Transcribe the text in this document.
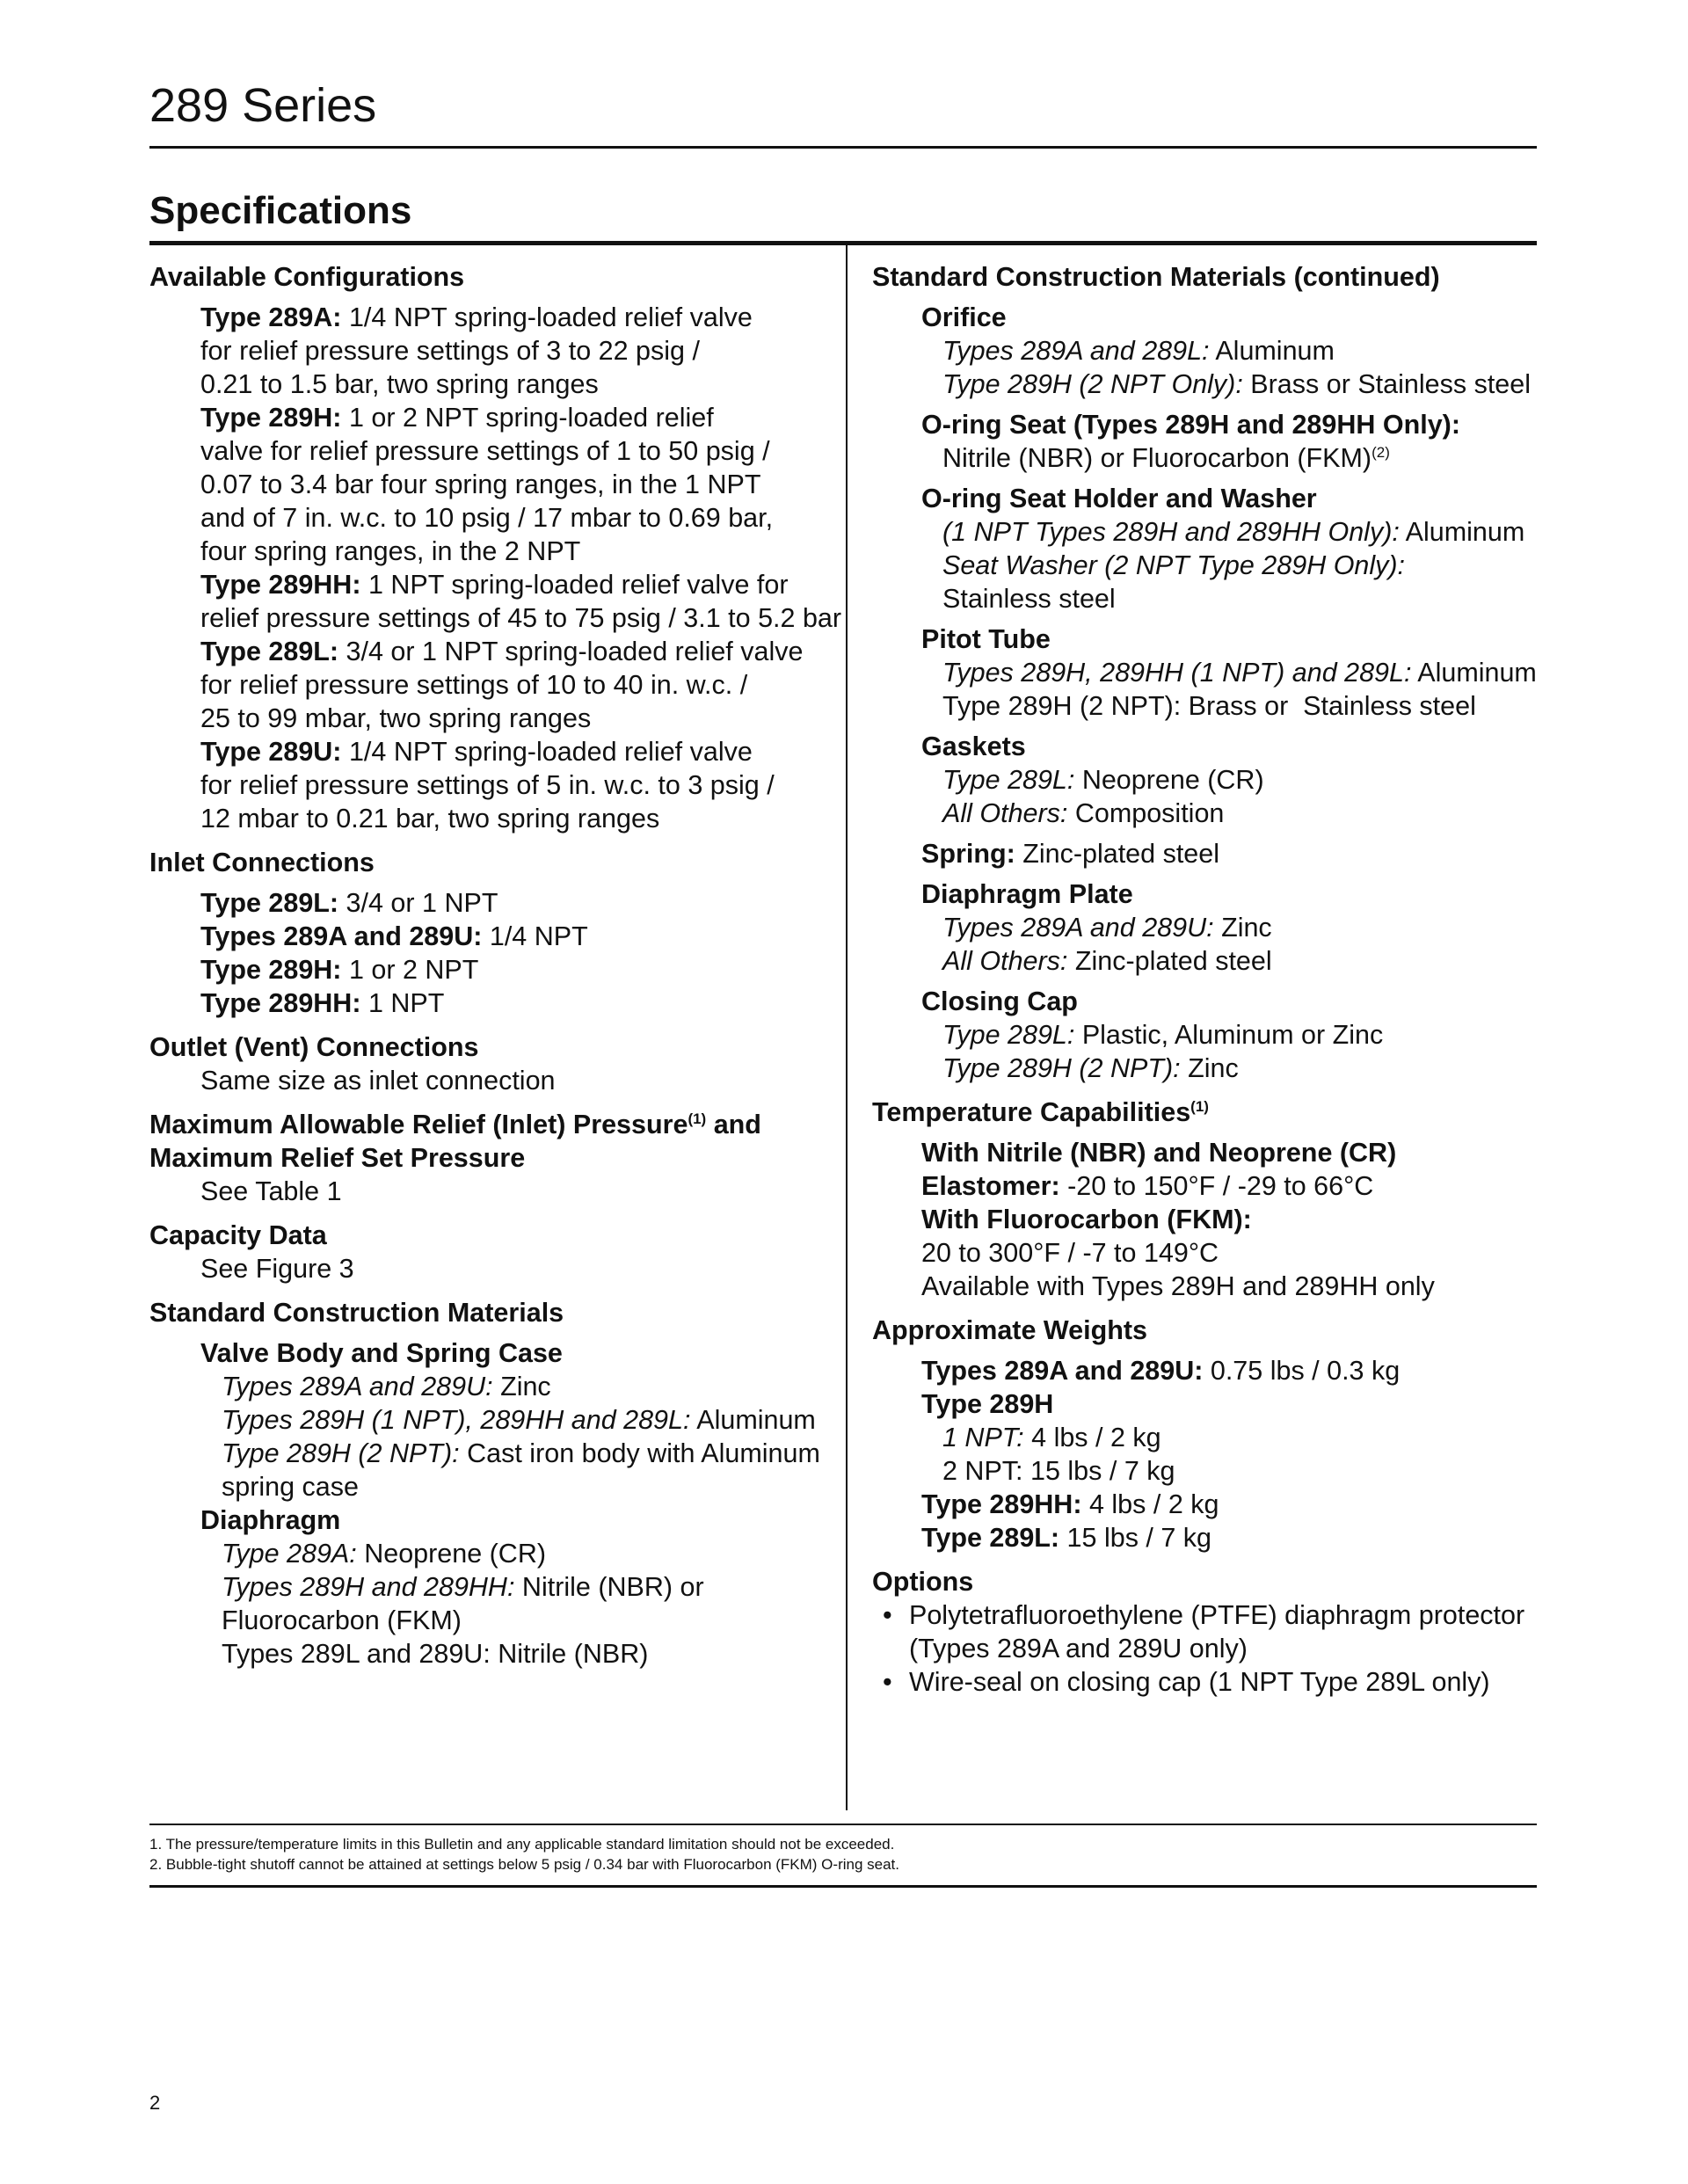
289 Series
Specifications
Available Configurations
Type 289A: 1/4 NPT spring-loaded relief valve
for relief pressure settings of 3 to 22 psig /
0.21 to 1.5 bar, two spring ranges
Type 289H: 1 or 2 NPT spring-loaded relief
valve for relief pressure settings of 1 to 50 psig /
0.07 to 3.4 bar four spring ranges, in the 1 NPT
and of 7 in. w.c. to 10 psig / 17 mbar to 0.69 bar,
four spring ranges, in the 2 NPT
Type 289HH: 1 NPT spring-loaded relief valve for
relief pressure settings of 45 to 75 psig / 3.1 to 5.2 bar
Type 289L: 3/4 or 1 NPT spring-loaded relief valve
for relief pressure settings of 10 to 40 in. w.c. /
25 to 99 mbar, two spring ranges
Type 289U: 1/4 NPT spring-loaded relief valve
for relief pressure settings of 5 in. w.c. to 3 psig /
12 mbar to 0.21 bar, two spring ranges
Inlet Connections
Type 289L: 3/4 or 1 NPT
Types 289A and 289U: 1/4 NPT
Type 289H: 1 or 2 NPT
Type 289HH: 1 NPT
Outlet (Vent) Connections
Same size as inlet connection
Maximum Allowable Relief (Inlet) Pressure$^{(1)}$ and
Maximum Relief Set Pressure
See Table 1
Capacity Data
See Figure 3
Standard Construction Materials
Valve Body and Spring Case
Types 289A and 289U: Zinc
Types 289H (1 NPT), 289HH and 289L: Aluminum
Type 289H (2 NPT): Cast iron body with Aluminum
spring case
Diaphragm
Type 289A: Neoprene (CR)
Types 289H and 289HH: Nitrile (NBR) or
Fluorocarbon (FKM)
Types 289L and 289U: Nitrile (NBR)
Standard Construction Materials (continued)
Orifice
Types 289A and 289L: Aluminum
Type 289H (2 NPT Only): Brass or Stainless steel
O-ring Seat (Types 289H and 289HH Only):
Nitrile (NBR) or Fluorocarbon (FKM)$^{(2)}$
O-ring Seat Holder and Washer
(1 NPT Types 289H and 289HH Only): Aluminum
Seat Washer (2 NPT Type 289H Only):
Stainless steel
Pitot Tube
Types 289H, 289HH (1 NPT) and 289L: Aluminum
Type 289H (2 NPT): Brass or  Stainless steel
Gaskets
Type 289L: Neoprene (CR)
All Others: Composition
Spring: Zinc-plated steel
Diaphragm Plate
Types 289A and 289U: Zinc
All Others: Zinc-plated steel
Closing Cap
Type 289L: Plastic, Aluminum or Zinc
Type 289H (2 NPT): Zinc
Temperature Capabilities$^{(1)}$
With Nitrile (NBR) and Neoprene (CR)
Elastomer: -20 to 150°F / -29 to 66°C
With Fluorocarbon (FKM):
20 to 300°F / -7 to 149°C
Available with Types 289H and 289HH only
Approximate Weights
Types 289A and 289U: 0.75 lbs / 0.3 kg
Type 289H
1 NPT: 4 lbs / 2 kg
2 NPT: 15 lbs / 7 kg
Type 289HH: 4 lbs / 2 kg
Type 289L: 15 lbs / 7 kg
Options
• Polytetrafluoroethylene (PTFE) diaphragm protector
(Types 289A and 289U only)
• Wire-seal on closing cap (1 NPT Type 289L only)
1. The pressure/temperature limits in this Bulletin and any applicable standard limitation should not be exceeded.
2. Bubble-tight shutoff cannot be attained at settings below 5 psig / 0.34 bar with Fluorocarbon (FKM) O-ring seat.
2
